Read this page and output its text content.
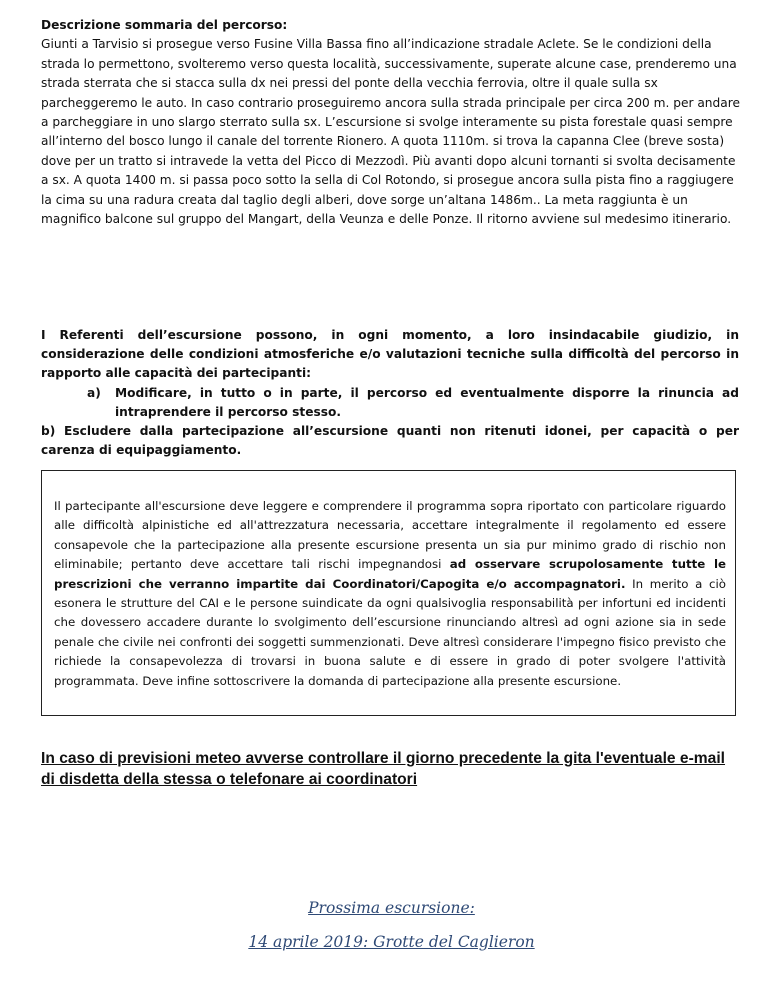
Descrizione sommaria del percorso:

Giunti a Tarvisio si prosegue verso Fusine Villa Bassa fino all’indicazione stradale Aclete. Se le condizioni della strada lo permettono, svolteremo verso questa località, successivamente, superate alcune case, prenderemo una strada sterrata che si stacca sulla dx nei pressi del ponte della vecchia ferrovia, oltre il quale sulla sx parcheggeremo le auto. In caso contrario proseguiremo ancora sulla strada principale per circa 200 m. per andare a parcheggiare in uno slargo sterrato sulla sx. L’escursione si svolge interamente su pista forestale quasi sempre all’interno del bosco lungo il canale del torrente Rionero. A quota 1110m. si trova la capanna Clee (breve sosta) dove per un tratto si intravede la vetta del Picco di Mezzodì. Più avanti dopo alcuni tornanti si svolta decisamente a sx. A quota 1400 m. si passa poco sotto la sella di Col Rotondo, si prosegue ancora sulla pista fino a raggiugere la cima su una radura creata dal taglio degli alberi, dove sorge un’altana 1486m.. La meta raggiunta è un magnifico balcone sul gruppo del Mangart, della Veunza e delle Ponze. Il ritorno avviene sul medesimo itinerario.

I Referenti dell’escursione possono, in ogni momento, a loro insindacabile giudizio, in considerazione delle condizioni atmosferiche e/o valutazioni tecniche sulla difficoltà del percorso in rapporto alle capacità dei partecipanti:

a)	Modificare, in tutto o in parte, il percorso ed eventualmente disporre la rinuncia ad intraprendere il percorso stesso.

b) Escludere dalla partecipazione all’escursione quanti non ritenuti idonei, per capacità o per carenza di equipaggiamento.

Il partecipante all'escursione deve leggere e comprendere il programma sopra riportato con particolare riguardo alle difficoltà alpinistiche ed all'attrezzatura necessaria, accettare integralmente il regolamento ed essere consapevole che la partecipazione alla presente escursione presenta un sia pur minimo grado di rischio non eliminabile; pertanto deve accettare tali rischi impegnandosi ad osservare scrupolosamente tutte le prescrizioni che verranno impartite dai Coordinatori/Capogita e/o accompagnatori. In merito a ciò esonera le strutture del CAI e le persone suindicate da ogni qualsivoglia responsabilità per infortuni ed incidenti che dovessero accadere durante lo svolgimento dell’escursione rinunciando altresì ad ogni azione sia in sede penale che civile nei confronti dei soggetti summenzionati. Deve altresì considerare l'impegno fisico previsto che richiede la consapevolezza di trovarsi in buona salute e di essere in grado di poter svolgere l'attività programmata. Deve infine sottoscrivere la domanda di partecipazione alla presente escursione.

In caso di previsioni meteo avverse controllare il giorno precedente la gita l'eventuale e-mail di disdetta della stessa o telefonare ai coordinatori

Prossima escursione:

14 aprile 2019: Grotte del Caglieron
